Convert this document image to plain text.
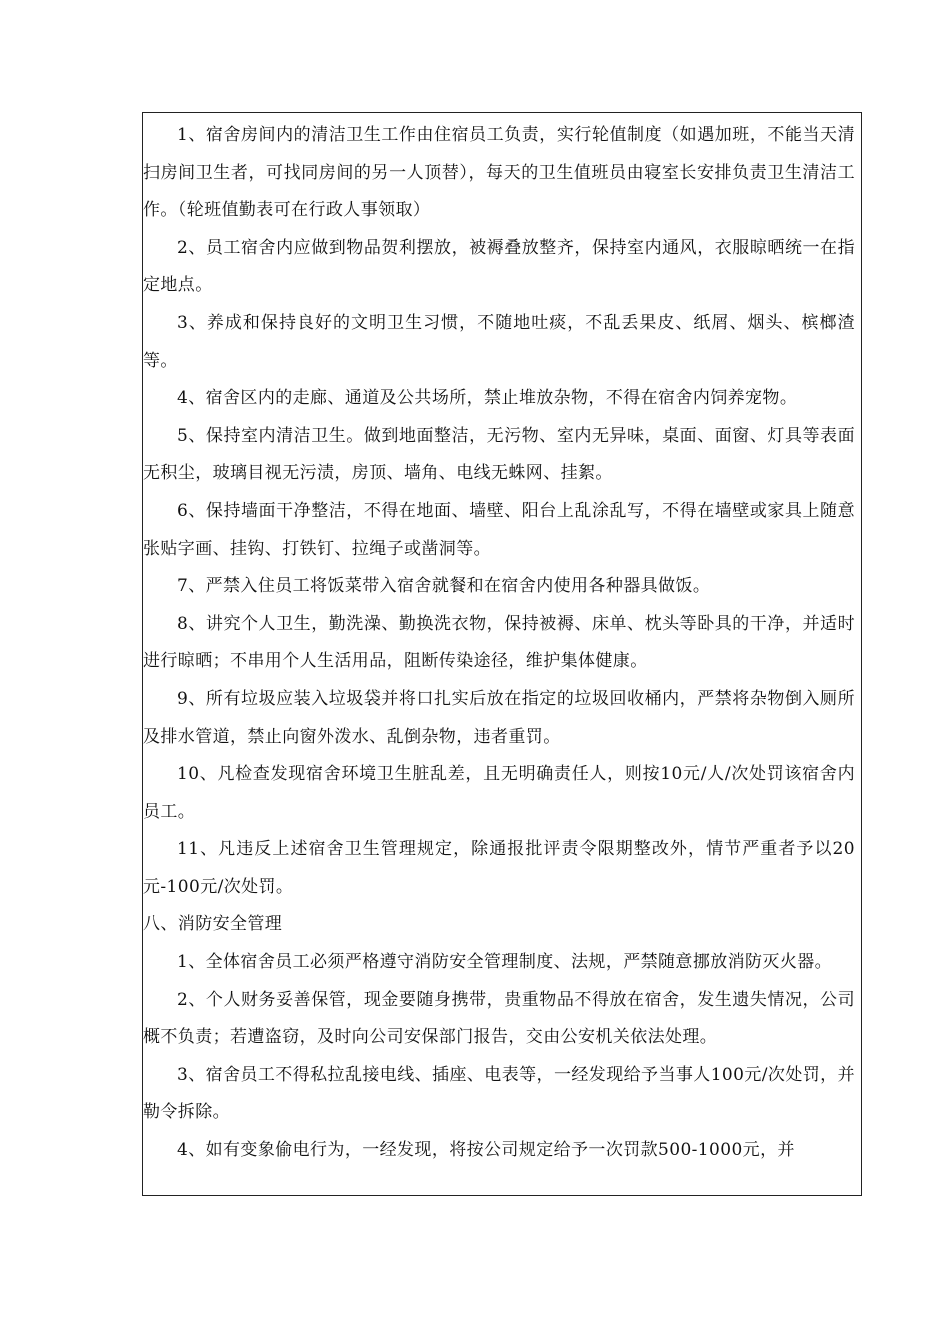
1、宿舍房间内的清洁卫生工作由住宿员工负责，实行轮值制度（如遇加班，不能当天清扫房间卫生者，可找同房间的另一人顶替），每天的卫生值班员由寝室长安排负责卫生清洁工作。（轮班值勤表可在行政人事领取）

2、员工宿舍内应做到物品贺利摆放，被褥叠放整齐，保持室内通风，衣服晾晒统一在指定地点。

3、养成和保持良好的文明卫生习惯，不随地吐痰，不乱丢果皮、纸屑、烟头、槟榔渣等。

4、宿舍区内的走廊、通道及公共场所，禁止堆放杂物，不得在宿舍内饲养宠物。

5、保持室内清洁卫生。做到地面整洁，无污物、室内无异味，桌面、面窗、灯具等表面无积尘，玻璃目视无污渍，房顶、墙角、电线无蛛网、挂絮。

6、保持墙面干净整洁，不得在地面、墙壁、阳台上乱涂乱写，不得在墙壁或家具上随意张贴字画、挂钩、打铁钉、拉绳子或凿洞等。

7、严禁入住员工将饭菜带入宿舍就餐和在宿舍内使用各种器具做饭。

8、讲究个人卫生，勤洗澡、勤换洗衣物，保持被褥、床单、枕头等卧具的干净，并适时进行晾晒；不串用个人生活用品，阻断传染途径，维护集体健康。

9、所有垃圾应装入垃圾袋并将口扎实后放在指定的垃圾回收桶内，严禁将杂物倒入厕所及排水管道，禁止向窗外泼水、乱倒杂物，违者重罚。

10、凡检查发现宿舍环境卫生脏乱差，且无明确责任人，则按10元/人/次处罚该宿舍内员工。

11、凡违反上述宿舍卫生管理规定，除通报批评责令限期整改外，情节严重者予以20元-100元/次处罚。

八、消防安全管理

1、全体宿舍员工必须严格遵守消防安全管理制度、法规，严禁随意挪放消防灭火器。

2、个人财务妥善保管，现金要随身携带，贵重物品不得放在宿舍，发生遗失情况，公司概不负责；若遭盗窃，及时向公司安保部门报告，交由公安机关依法处理。

3、宿舍员工不得私拉乱接电线、插座、电表等，一经发现给予当事人100元/次处罚，并勒令拆除。

4、如有变象偷电行为，一经发现，将按公司规定给予一次罚款500-1000元，并
